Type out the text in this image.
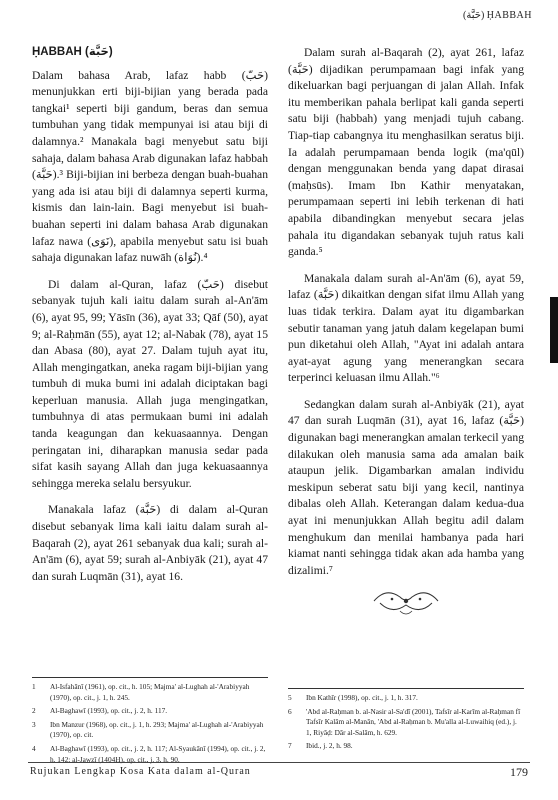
(حَبَّة) ḤABBAH
ḤABBAH (حَبَّة)

Dalam bahasa Arab, lafaz habb (حَبّ) menunjukkan erti biji-bijian yang berada pada tangkai¹ seperti biji gandum, beras dan semua tumbuhan yang tidak mempunyai isi atau biji di dalamnya.² Manakala bagi menyebut satu biji sahaja, dalam bahasa Arab digunakan lafaz habbah (حَبَّة).³ Biji-bijian ini berbeza dengan buah-buahan yang ada isi atau biji di dalamnya seperti kurma, kismis dan lain-lain. Bagi menyebut isi buah-buahan seperti ini dalam bahasa Arab digunakan lafaz nawa (نَوَى), apabila menyebut satu isi buah sahaja digunakan lafaz nuwāh (نُوَاة).⁴

Di dalam al-Quran, lafaz (حَبّ) disebut sebanyak tujuh kali iaitu dalam surah al-An'ām (6), ayat 95, 99; Yāsīn (36), ayat 33; Qāf (50), ayat 9; al-Raḥmān (55), ayat 12; al-Nabak (78), ayat 15 dan Abasa (80), ayat 27. Dalam tujuh ayat itu, Allah mengingatkan, aneka ragam biji-bijian yang tumbuh di muka bumi ini adalah diciptakan bagi keperluan manusia. Allah juga mengingatkan, tumbuhnya di atas permukaan bumi ini adalah tanda keagungan dan kekuasaannya. Dengan peringatan ini, diharapkan manusia sedar pada sifat kasih sayang Allah dan juga kekuasaannya sehingga mereka selalu bersyukur.

Manakala lafaz (حَبَّة) di dalam al-Quran disebut sebanyak lima kali iaitu dalam surah al-Baqarah (2), ayat 261 sebanyak dua kali; surah al-An'ām (6), ayat 59; surah al-Anbiyāk (21), ayat 47 dan surah Luqmān (31), ayat 16.

Dalam surah al-Baqarah (2), ayat 261, lafaz (حَبَّة) dijadikan perumpamaan bagi infak yang dikeluarkan bagi perjuangan di jalan Allah. Infak itu memberikan pahala berlipat kali ganda seperti satu biji (habbah) yang menjadi tujuh cabang. Tiap-tiap cabangnya itu menghasilkan seratus biji. Ia adalah perumpamaan benda logik (ma'qūl) dengan menggunakan benda yang dapat dirasai (maḥsūs). Imam Ibn Kathir menyatakan, perumpamaan seperti ini lebih terkenan di hati apabila dibandingkan menyebut secara jelas pahala itu digandakan sebanyak tujuh ratus kali ganda.⁵

Manakala dalam surah al-An'ām (6), ayat 59, lafaz (حَبَّة) dikaitkan dengan sifat ilmu Allah yang luas tidak terkira. Dalam ayat itu digambarkan sebutir tanaman yang jatuh dalam kegelapan bumi pun diketahui oleh Allah, "Ayat ini adalah antara ayat-ayat agung yang menerangkan secara terperinci keluasan ilmu Allah."⁶

Sedangkan dalam surah al-Anbiyāk (21), ayat 47 dan surah Luqmān (31), ayat 16, lafaz (حَبَّة) digunakan bagi menerangkan amalan terkecil yang dilakukan oleh manusia sama ada amalan baik ataupun jelik. Digambarkan amalan individu meskipun seberat satu biji yang kecil, nantinya dibalas oleh Allah. Keterangan dalam kedua-dua ayat ini menunjukkan Allah begitu adil dalam menghukum dan menilai hambanya pada hari kiamat nanti sehingga tidak akan ada hamba yang dizalimi.⁷

1	Al-Isfahānī (1961), op. cit., h. 105; Majma' al-Lughah al-'Arabiyyah (1970), op. cit., j. 1, h. 245.
2	Al-Baghawī (1993), op. cit., j. 2, h. 117.
3	Ibn Manzur (1968), op. cit., j. 1, h. 293; Majma' al-Lughah al-'Arabiyyah (1970), op. cit.
4	Al-Baghawī (1993), op. cit., j. 2, h. 117; Al-Syaukānī (1994), op. cit., j. 2, h. 142; al-Jawzī (1404H), op. cit., j. 3, h. 90.
5	Ibn Kathīr (1998), op. cit., j. 1, h. 317.
6	'Abd al-Raḥman b. al-Nasir al-Sa'dī (2001), Tafsīr al-Karīm al-Raḥman fī Tafsīr Kalām al-Manān, 'Abd al-Raḥman b. Mu'alla al-Luwaihiq (ed.), j. 1, Riyāḍ: Dār al-Salām, h. 629.
7	Ibid., j. 2, h. 98.
Rujukan Lengkap Kosa Kata dalam al-Quran	179
